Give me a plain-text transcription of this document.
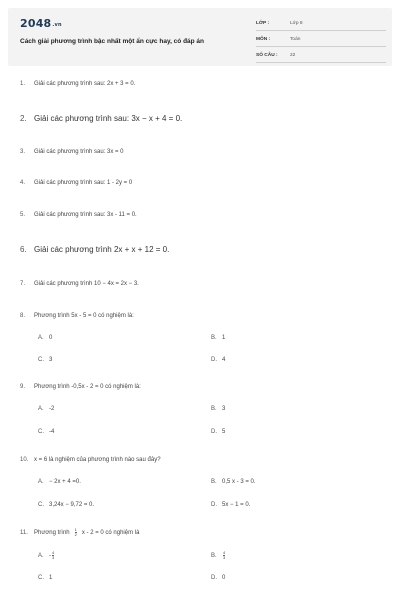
2048.vn
Cách giải phương trình bậc nhất một ẩn cực hay, có đáp án
LỚP :	Lớp 8
MÔN :	Toán
SỐ CÂU :	22
1. Giải các phương trình sau: 2x + 3 = 0.
2. Giải các phương trình sau: 3x − x + 4 = 0.
3. Giải các phương trình sau: 3x = 0
4. Giải các phương trình sau: 1 - 2y = 0
5. Giải các phương trình sau: 3x - 11 = 0.
6. Giải các phương trình 2x + x + 12 = 0.
7. Giải các phương trình 10 − 4x = 2x − 3.
8. Phương trình 5x - 5 = 0 có nghiệm là:
A. 0	B. 1
C. 3	D. 4
9. Phương trình -0,5x - 2 = 0 có nghiệm là:
A. -2	B. 3
C. -4	D. 5
10. x = 6 là nghiệm của phương trình nào sau đây?
A. − 2x + 4 =0.	B. 0,5 x - 3 = 0.
C. 3,24x − 9,72 = 0.	D. 5x − 1 = 0.
11. Phương trình $\frac{1}{2}$ x - 2 = 0 có nghiệm là
A. - $\frac{4}{3}$	B. $\frac{4}{3}$
C. 1	D. 0
